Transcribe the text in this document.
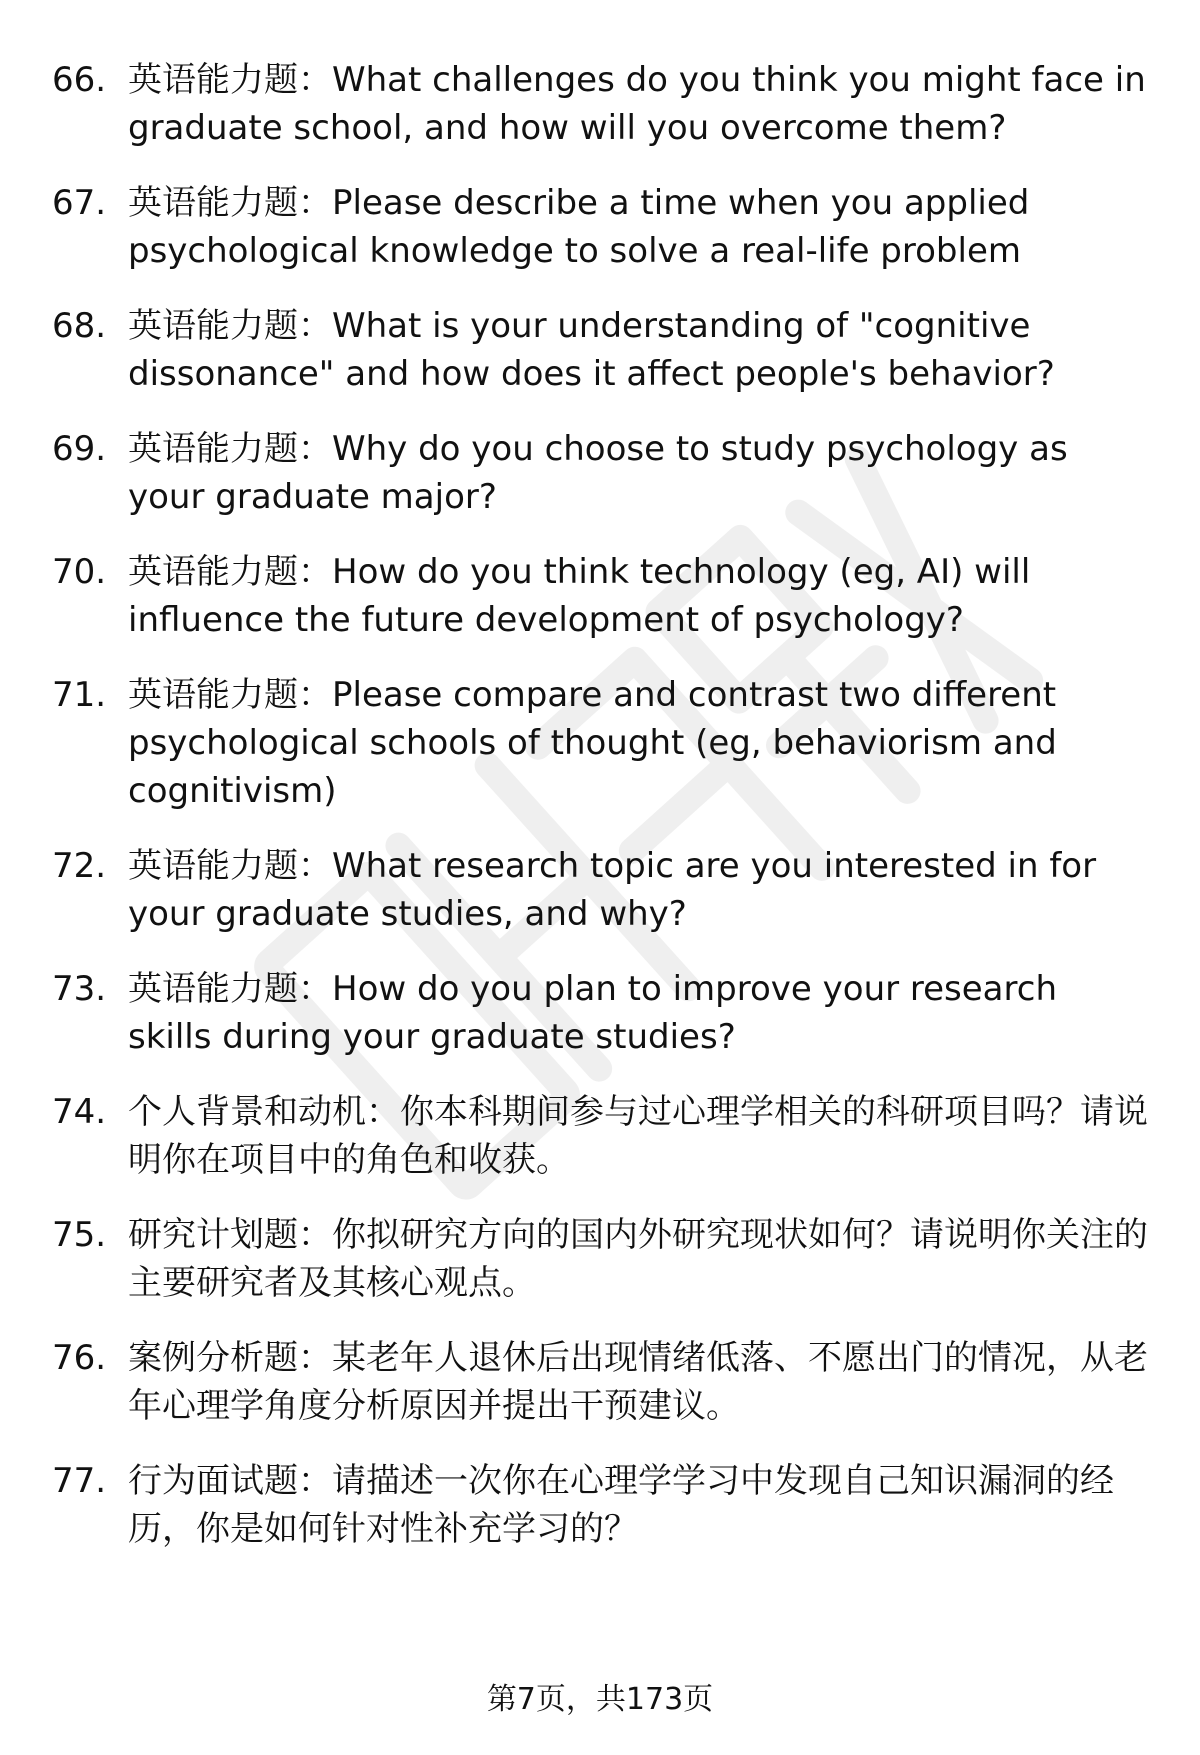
66. 英语能力题：What challenges do you think you might face in graduate school, and how will you overcome them?
67. 英语能力题：Please describe a time when you applied psychological knowledge to solve a real-life problem
68. 英语能力题：What is your understanding of "cognitive dissonance" and how does it affect people's behavior?
69. 英语能力题：Why do you choose to study psychology as your graduate major?
70. 英语能力题：How do you think technology (eg, AI) will influence the future development of psychology?
71. 英语能力题：Please compare and contrast two different psychological schools of thought (eg, behaviorism and cognitivism)
72. 英语能力题：What research topic are you interested in for your graduate studies, and why?
73. 英语能力题：How do you plan to improve your research skills during your graduate studies?
74. 个人背景和动机：你本科期间参与过心理学相关的科研项目吗？请说明你在项目中的角色和收获。
75. 研究计划题：你拟研究方向的国内外研究现状如何？请说明你关注的主要研究者及其核心观点。
76. 案例分析题：某老年人退休后出现情绪低落、不愿出门的情况，从老年心理学角度分析原因并提出干预建议。
77. 行为面试题：请描述一次你在心理学学习中发现自己知识漏洞的经历，你是如何针对性补充学习的？
第7页，共173页
